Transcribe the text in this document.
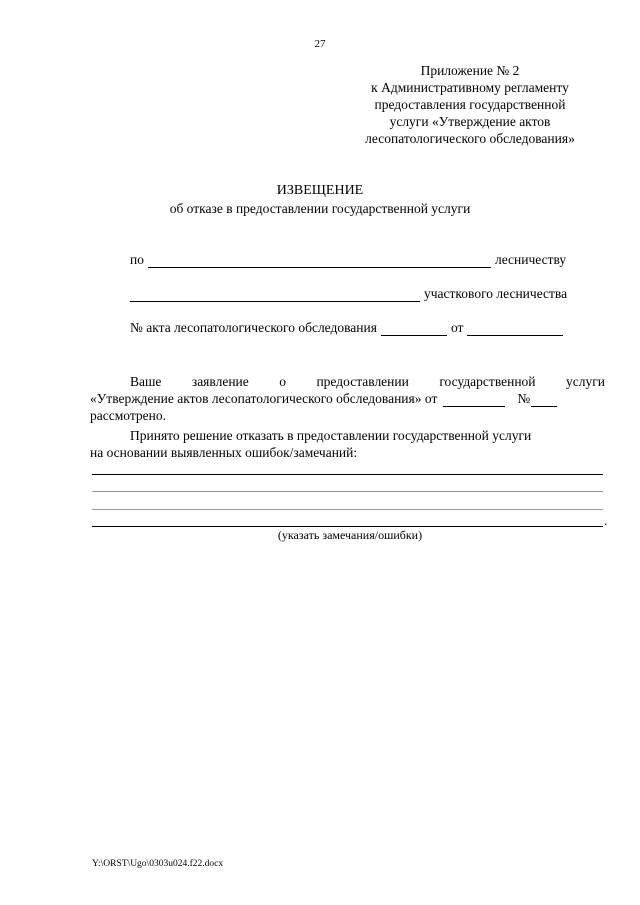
27
Приложение № 2
к Административному регламенту
предоставления государственной
услуги «Утверждение актов
лесопатологического обследования»
ИЗВЕЩЕНИЕ
об отказе в предоставлении государственной услуги
по	лесничеству
участкового лесничества
№ акта лесопатологического обследования	от
Ваше заявление о предоставлении государственной услуги
«Утверждение актов лесопатологического обследования» от	№
рассмотрено.
Принято решение отказать в предоставлении государственной услуги
на основании выявленных ошибок/замечаний:
.
(указать замечания/ошибки)
Y:\ORST\Ugo\0303u024.f22.docx
